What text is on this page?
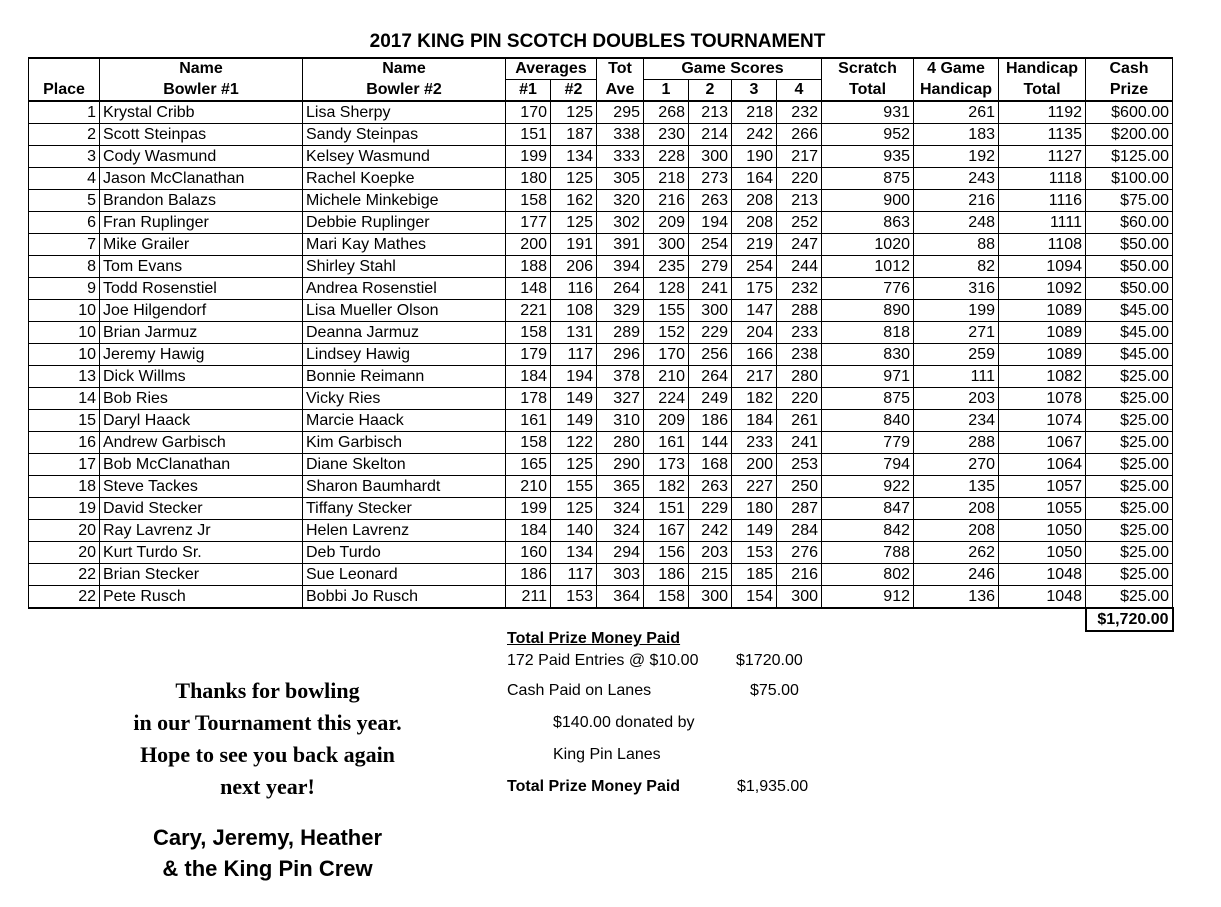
2017 KING PIN SCOTCH DOUBLES TOURNAMENT
	Name	Name	Averages		Tot	Game Scores				Scratch	4 Game	Handicap	Cash
Place	Bowler #1	Bowler #2	#1	#2	Ave	1	2	3	4	Total	Handicap	Total	Prize
1	Krystal Cribb	Lisa Sherpy	170	125	295	268	213	218	232	931	261	1192	$600.00
2	Scott Steinpas	Sandy Steinpas	151	187	338	230	214	242	266	952	183	1135	$200.00
3	Cody Wasmund	Kelsey Wasmund	199	134	333	228	300	190	217	935	192	1127	$125.00
4	Jason McClanathan	Rachel Koepke	180	125	305	218	273	164	220	875	243	1118	$100.00
5	Brandon Balazs	Michele Minkebige	158	162	320	216	263	208	213	900	216	1116	$75.00
6	Fran Ruplinger	Debbie Ruplinger	177	125	302	209	194	208	252	863	248	1111	$60.00
7	Mike Grailer	Mari Kay Mathes	200	191	391	300	254	219	247	1020	88	1108	$50.00
8	Tom Evans	Shirley Stahl	188	206	394	235	279	254	244	1012	82	1094	$50.00
9	Todd Rosenstiel	Andrea Rosenstiel	148	116	264	128	241	175	232	776	316	1092	$50.00
10	Joe Hilgendorf	Lisa Mueller Olson	221	108	329	155	300	147	288	890	199	1089	$45.00
10	Brian Jarmuz	Deanna Jarmuz	158	131	289	152	229	204	233	818	271	1089	$45.00
10	Jeremy Hawig	Lindsey Hawig	179	117	296	170	256	166	238	830	259	1089	$45.00
13	Dick Willms	Bonnie Reimann	184	194	378	210	264	217	280	971	111	1082	$25.00
14	Bob Ries	Vicky Ries	178	149	327	224	249	182	220	875	203	1078	$25.00
15	Daryl Haack	Marcie Haack	161	149	310	209	186	184	261	840	234	1074	$25.00
16	Andrew Garbisch	Kim Garbisch	158	122	280	161	144	233	241	779	288	1067	$25.00
17	Bob McClanathan	Diane Skelton	165	125	290	173	168	200	253	794	270	1064	$25.00
18	Steve Tackes	Sharon Baumhardt	210	155	365	182	263	227	250	922	135	1057	$25.00
19	David Stecker	Tiffany Stecker	199	125	324	151	229	180	287	847	208	1055	$25.00
20	Ray Lavrenz Jr	Helen Lavrenz	184	140	324	167	242	149	284	842	208	1050	$25.00
20	Kurt Turdo Sr.	Deb Turdo	160	134	294	156	203	153	276	788	262	1050	$25.00
22	Brian Stecker	Sue Leonard	186	117	303	186	215	185	216	802	246	1048	$25.00
22	Pete Rusch	Bobbi Jo Rusch	211	153	364	158	300	154	300	912	136	1048	$25.00
													$1,720.00
Total Prize Money Paid
172 Paid Entries @ $10.00 $1720.00
Cash Paid on Lanes	$75.00
$140.00 donated by
King Pin Lanes
Total Prize Money Paid	$1,935.00
Thanks for bowling
in our Tournament this year.
Hope to see you back again
next year!
Cary, Jeremy, Heather
& the King Pin Crew
